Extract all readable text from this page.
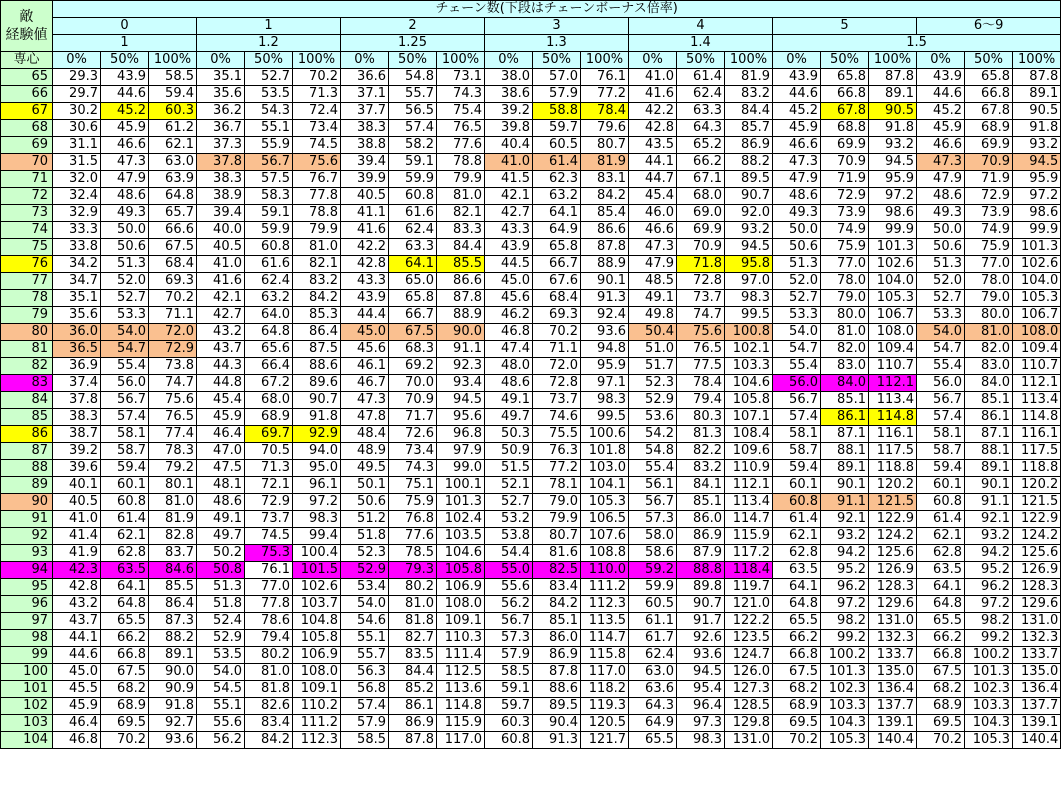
敵
経験値	チェーン数(下段はチェーンボーナス倍率)																				
	0			1			2			3			4			5			6〜9		
	1			1.2			1.25			1.3			1.4			1.5					
専心	0%	50%	100%	0%	50%	100%	0%	50%	100%	0%	50%	100%	0%	50%	100%	0%	50%	100%	0%	50%	100%
65	29.3	43.9	58.5	35.1	52.7	70.2	36.6	54.8	73.1	38.0	57.0	76.1	41.0	61.4	81.9	43.9	65.8	87.8	43.9	65.8	87.8
66	29.7	44.6	59.4	35.6	53.5	71.3	37.1	55.7	74.3	38.6	57.9	77.2	41.6	62.4	83.2	44.6	66.8	89.1	44.6	66.8	89.1
67	30.2	45.2	60.3	36.2	54.3	72.4	37.7	56.5	75.4	39.2	58.8	78.4	42.2	63.3	84.4	45.2	67.8	90.5	45.2	67.8	90.5
68	30.6	45.9	61.2	36.7	55.1	73.4	38.3	57.4	76.5	39.8	59.7	79.6	42.8	64.3	85.7	45.9	68.8	91.8	45.9	68.9	91.8
69	31.1	46.6	62.1	37.3	55.9	74.5	38.8	58.2	77.6	40.4	60.5	80.7	43.5	65.2	86.9	46.6	69.9	93.2	46.6	69.9	93.2
70	31.5	47.3	63.0	37.8	56.7	75.6	39.4	59.1	78.8	41.0	61.4	81.9	44.1	66.2	88.2	47.3	70.9	94.5	47.3	70.9	94.5
71	32.0	47.9	63.9	38.3	57.5	76.7	39.9	59.9	79.9	41.5	62.3	83.1	44.7	67.1	89.5	47.9	71.9	95.9	47.9	71.9	95.9
72	32.4	48.6	64.8	38.9	58.3	77.8	40.5	60.8	81.0	42.1	63.2	84.2	45.4	68.0	90.7	48.6	72.9	97.2	48.6	72.9	97.2
73	32.9	49.3	65.7	39.4	59.1	78.8	41.1	61.6	82.1	42.7	64.1	85.4	46.0	69.0	92.0	49.3	73.9	98.6	49.3	73.9	98.6
74	33.3	50.0	66.6	40.0	59.9	79.9	41.6	62.4	83.3	43.3	64.9	86.6	46.6	69.9	93.2	50.0	74.9	99.9	50.0	74.9	99.9
75	33.8	50.6	67.5	40.5	60.8	81.0	42.2	63.3	84.4	43.9	65.8	87.8	47.3	70.9	94.5	50.6	75.9	101.3	50.6	75.9	101.3
76	34.2	51.3	68.4	41.0	61.6	82.1	42.8	64.1	85.5	44.5	66.7	88.9	47.9	71.8	95.8	51.3	77.0	102.6	51.3	77.0	102.6
77	34.7	52.0	69.3	41.6	62.4	83.2	43.3	65.0	86.6	45.0	67.6	90.1	48.5	72.8	97.0	52.0	78.0	104.0	52.0	78.0	104.0
78	35.1	52.7	70.2	42.1	63.2	84.2	43.9	65.8	87.8	45.6	68.4	91.3	49.1	73.7	98.3	52.7	79.0	105.3	52.7	79.0	105.3
79	35.6	53.3	71.1	42.7	64.0	85.3	44.4	66.7	88.9	46.2	69.3	92.4	49.8	74.7	99.5	53.3	80.0	106.7	53.3	80.0	106.7
80	36.0	54.0	72.0	43.2	64.8	86.4	45.0	67.5	90.0	46.8	70.2	93.6	50.4	75.6	100.8	54.0	81.0	108.0	54.0	81.0	108.0
81	36.5	54.7	72.9	43.7	65.6	87.5	45.6	68.3	91.1	47.4	71.1	94.8	51.0	76.5	102.1	54.7	82.0	109.4	54.7	82.0	109.4
82	36.9	55.4	73.8	44.3	66.4	88.6	46.1	69.2	92.3	48.0	72.0	95.9	51.7	77.5	103.3	55.4	83.0	110.7	55.4	83.0	110.7
83	37.4	56.0	74.7	44.8	67.2	89.6	46.7	70.0	93.4	48.6	72.8	97.1	52.3	78.4	104.6	56.0	84.0	112.1	56.0	84.0	112.1
84	37.8	56.7	75.6	45.4	68.0	90.7	47.3	70.9	94.5	49.1	73.7	98.3	52.9	79.4	105.8	56.7	85.1	113.4	56.7	85.1	113.4
85	38.3	57.4	76.5	45.9	68.9	91.8	47.8	71.7	95.6	49.7	74.6	99.5	53.6	80.3	107.1	57.4	86.1	114.8	57.4	86.1	114.8
86	38.7	58.1	77.4	46.4	69.7	92.9	48.4	72.6	96.8	50.3	75.5	100.6	54.2	81.3	108.4	58.1	87.1	116.1	58.1	87.1	116.1
87	39.2	58.7	78.3	47.0	70.5	94.0	48.9	73.4	97.9	50.9	76.3	101.8	54.8	82.2	109.6	58.7	88.1	117.5	58.7	88.1	117.5
88	39.6	59.4	79.2	47.5	71.3	95.0	49.5	74.3	99.0	51.5	77.2	103.0	55.4	83.2	110.9	59.4	89.1	118.8	59.4	89.1	118.8
89	40.1	60.1	80.1	48.1	72.1	96.1	50.1	75.1	100.1	52.1	78.1	104.1	56.1	84.1	112.1	60.1	90.1	120.2	60.1	90.1	120.2
90	40.5	60.8	81.0	48.6	72.9	97.2	50.6	75.9	101.3	52.7	79.0	105.3	56.7	85.1	113.4	60.8	91.1	121.5	60.8	91.1	121.5
91	41.0	61.4	81.9	49.1	73.7	98.3	51.2	76.8	102.4	53.2	79.9	106.5	57.3	86.0	114.7	61.4	92.1	122.9	61.4	92.1	122.9
92	41.4	62.1	82.8	49.7	74.5	99.4	51.8	77.6	103.5	53.8	80.7	107.6	58.0	86.9	115.9	62.1	93.2	124.2	62.1	93.2	124.2
93	41.9	62.8	83.7	50.2	75.3	100.4	52.3	78.5	104.6	54.4	81.6	108.8	58.6	87.9	117.2	62.8	94.2	125.6	62.8	94.2	125.6
94	42.3	63.5	84.6	50.8	76.1	101.5	52.9	79.3	105.8	55.0	82.5	110.0	59.2	88.8	118.4	63.5	95.2	126.9	63.5	95.2	126.9
95	42.8	64.1	85.5	51.3	77.0	102.6	53.4	80.2	106.9	55.6	83.4	111.2	59.9	89.8	119.7	64.1	96.2	128.3	64.1	96.2	128.3
96	43.2	64.8	86.4	51.8	77.8	103.7	54.0	81.0	108.0	56.2	84.2	112.3	60.5	90.7	121.0	64.8	97.2	129.6	64.8	97.2	129.6
97	43.7	65.5	87.3	52.4	78.6	104.8	54.6	81.8	109.1	56.7	85.1	113.5	61.1	91.7	122.2	65.5	98.2	131.0	65.5	98.2	131.0
98	44.1	66.2	88.2	52.9	79.4	105.8	55.1	82.7	110.3	57.3	86.0	114.7	61.7	92.6	123.5	66.2	99.2	132.3	66.2	99.2	132.3
99	44.6	66.8	89.1	53.5	80.2	106.9	55.7	83.5	111.4	57.9	86.9	115.8	62.4	93.6	124.7	66.8	100.2	133.7	66.8	100.2	133.7
100	45.0	67.5	90.0	54.0	81.0	108.0	56.3	84.4	112.5	58.5	87.8	117.0	63.0	94.5	126.0	67.5	101.3	135.0	67.5	101.3	135.0
101	45.5	68.2	90.9	54.5	81.8	109.1	56.8	85.2	113.6	59.1	88.6	118.2	63.6	95.4	127.3	68.2	102.3	136.4	68.2	102.3	136.4
102	45.9	68.9	91.8	55.1	82.6	110.2	57.4	86.1	114.8	59.7	89.5	119.3	64.3	96.4	128.5	68.9	103.3	137.7	68.9	103.3	137.7
103	46.4	69.5	92.7	55.6	83.4	111.2	57.9	86.9	115.9	60.3	90.4	120.5	64.9	97.3	129.8	69.5	104.3	139.1	69.5	104.3	139.1
104	46.8	70.2	93.6	56.2	84.2	112.3	58.5	87.8	117.0	60.8	91.3	121.7	65.5	98.3	131.0	70.2	105.3	140.4	70.2	105.3	140.4
